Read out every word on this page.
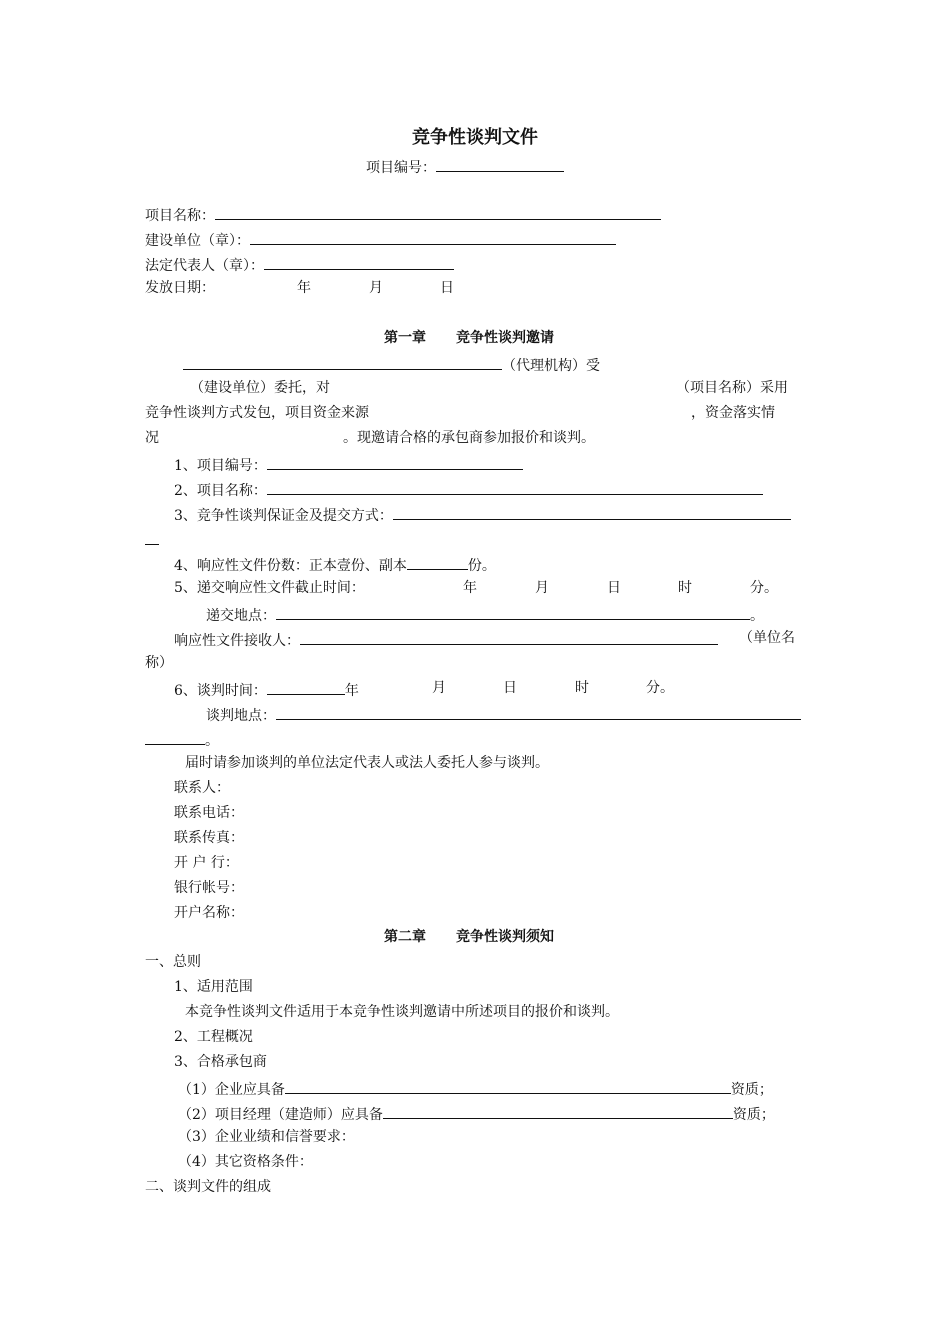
竞争性谈判文件
项目编号：
项目名称：
建设单位（章）：
法定代表人（章）：
发放日期：	年	月	日
第一章 竞争性谈判邀请
（代理机构）受
（建设单位）委托，对	（项目名称）采用
竞争性谈判方式发包，项目资金来源	，资金落实情
况	。现邀请合格的承包商参加报价和谈判。
1、项目编号：
2、项目名称：
3、竞争性谈判保证金及提交方式：
4、响应性文件份数：正本壹份、副本	份。
5、递交响应性文件截止时间：	年	月	日	时	分。
递交地点：	。
响应性文件接收人：	（单位名
称）
6、谈判时间：	年	月	日	时	分。
谈判地点：
。
届时请参加谈判的单位法定代表人或法人委托人参与谈判。
联系人：
联系电话：
联系传真：
开 户 行：
银行帐号：
开户名称：
第二章 竞争性谈判须知
一、总则
1、适用范围
本竞争性谈判文件适用于本竞争性谈判邀请中所述项目的报价和谈判。
2、工程概况
3、合格承包商
（1）企业应具备	资质；
（2）项目经理（建造师）应具备	资质；
（3）企业业绩和信誉要求：
（4）其它资格条件：
二、谈判文件的组成
